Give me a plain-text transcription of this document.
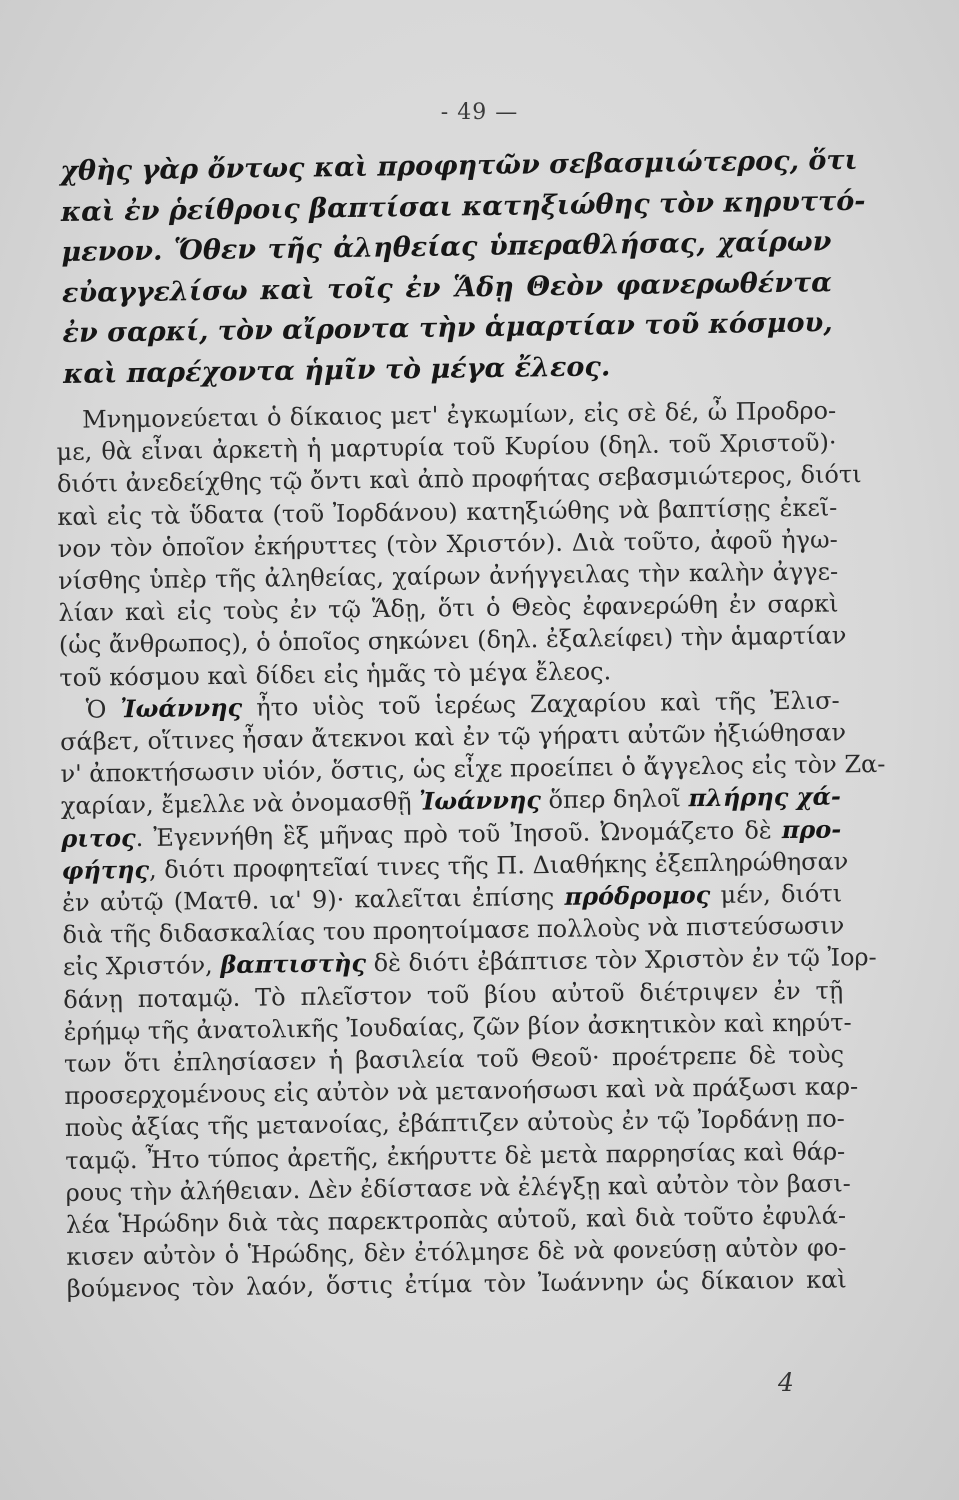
- 49 —
χθὴς γὰρ ὄντως καὶ προφητῶν σεβασμιώτερος, ὅτι
καὶ ἐν ῥείθροις βαπτίσαι κατηξιώθης τὸν κηρυττό-
μενον. Ὅθεν τῆς ἀληθείας ὑπεραθλήσας, χαίρων
εὐαγγελίσω καὶ τοῖς ἐν Ἅδῃ Θεὸν φανερωθέντα
ἐν σαρκί, τὸν αἴροντα τὴν ἁμαρτίαν τοῦ κόσμου,
καὶ παρέχοντα ἡμῖν τὸ μέγα ἔλεος.
Μνημονεύεται ὁ δίκαιος μετ' ἐγκωμίων, εἰς σὲ δέ, ὦ Προδρο-
με, θὰ εἶναι ἀρκετὴ ἡ μαρτυρία τοῦ Κυρίου (δηλ. τοῦ Χριστοῦ)·
διότι ἀνεδείχθης τῷ ὄντι καὶ ἀπὸ προφήτας σεβασμιώτερος, διότι
καὶ εἰς τὰ ὕδατα (τοῦ Ἰορδάνου) κατηξιώθης νὰ βαπτίσῃς ἐκεῖ-
νον τὸν ὁποῖον ἐκήρυττες (τὸν Χριστόν). Διὰ τοῦτο, ἀφοῦ ἠγω-
νίσθης ὑπὲρ τῆς ἀληθείας, χαίρων ἀνήγγειλας τὴν καλὴν ἀγγε-
λίαν καὶ εἰς τοὺς ἐν τῷ Ἅδῃ, ὅτι ὁ Θεὸς ἐφανερώθη ἐν σαρκὶ
(ὡς ἄνθρωπος), ὁ ὁποῖος σηκώνει (δηλ. ἐξαλείφει) τὴν ἁμαρτίαν
τοῦ κόσμου καὶ δίδει εἰς ἡμᾶς τὸ μέγα ἔλεος.
Ὁ Ἰωάννης ἦτο υἱὸς τοῦ ἱερέως Ζαχαρίου καὶ τῆς Ἐλισ-
σάβετ, οἵτινες ἦσαν ἄτεκνοι καὶ ἐν τῷ γήρατι αὐτῶν ἠξιώθησαν
ν' ἀποκτήσωσιν υἱόν, ὅστις, ὡς εἶχε προείπει ὁ ἄγγελος εἰς τὸν Ζα-
χαρίαν, ἔμελλε νὰ ὀνομασθῇ Ἰωάννης ὅπερ δηλοῖ πλήρης χά-
ριτος. Ἐγεννήθη ἓξ μῆνας πρὸ τοῦ Ἰησοῦ. Ὠνομάζετο δὲ προ-
φήτης, διότι προφητεῖαί τινες τῆς Π. Διαθήκης ἐξεπληρώθησαν
ἐν αὐτῷ (Ματθ. ια' 9)· καλεῖται ἐπίσης πρόδρομος μέν, διότι
διὰ τῆς διδασκαλίας του προητοίμασε πολλοὺς νὰ πιστεύσωσιν
εἰς Χριστόν, βαπτιστὴς δὲ διότι ἐβάπτισε τὸν Χριστὸν ἐν τῷ Ἰορ-
δάνῃ ποταμῷ. Τὸ πλεῖστον τοῦ βίου αὐτοῦ διέτριψεν ἐν τῇ
ἐρήμῳ τῆς ἀνατολικῆς Ἰουδαίας, ζῶν βίον ἀσκητικὸν καὶ κηρύτ-
των ὅτι ἐπλησίασεν ἡ βασιλεία τοῦ Θεοῦ· προέτρεπε δὲ τοὺς
προσερχομένους εἰς αὐτὸν νὰ μετανοήσωσι καὶ νὰ πράξωσι καρ-
ποὺς ἀξίας τῆς μετανοίας, ἐβάπτιζεν αὐτοὺς ἐν τῷ Ἰορδάνῃ πο-
ταμῷ. Ἦτο τύπος ἀρετῆς, ἐκήρυττε δὲ μετὰ παρρησίας καὶ θάρ-
ρους τὴν ἀλήθειαν. Δὲν ἐδίστασε νὰ ἐλέγξῃ καὶ αὐτὸν τὸν βασι-
λέα Ἡρώδην διὰ τὰς παρεκτροπὰς αὐτοῦ, καὶ διὰ τοῦτο ἐφυλά-
κισεν αὐτὸν ὁ Ἡρώδης, δὲν ἐτόλμησε δὲ νὰ φονεύσῃ αὐτὸν φο-
βούμενος τὸν λαόν, ὅστις ἐτίμα τὸν Ἰωάννην ὡς δίκαιον καὶ
4
